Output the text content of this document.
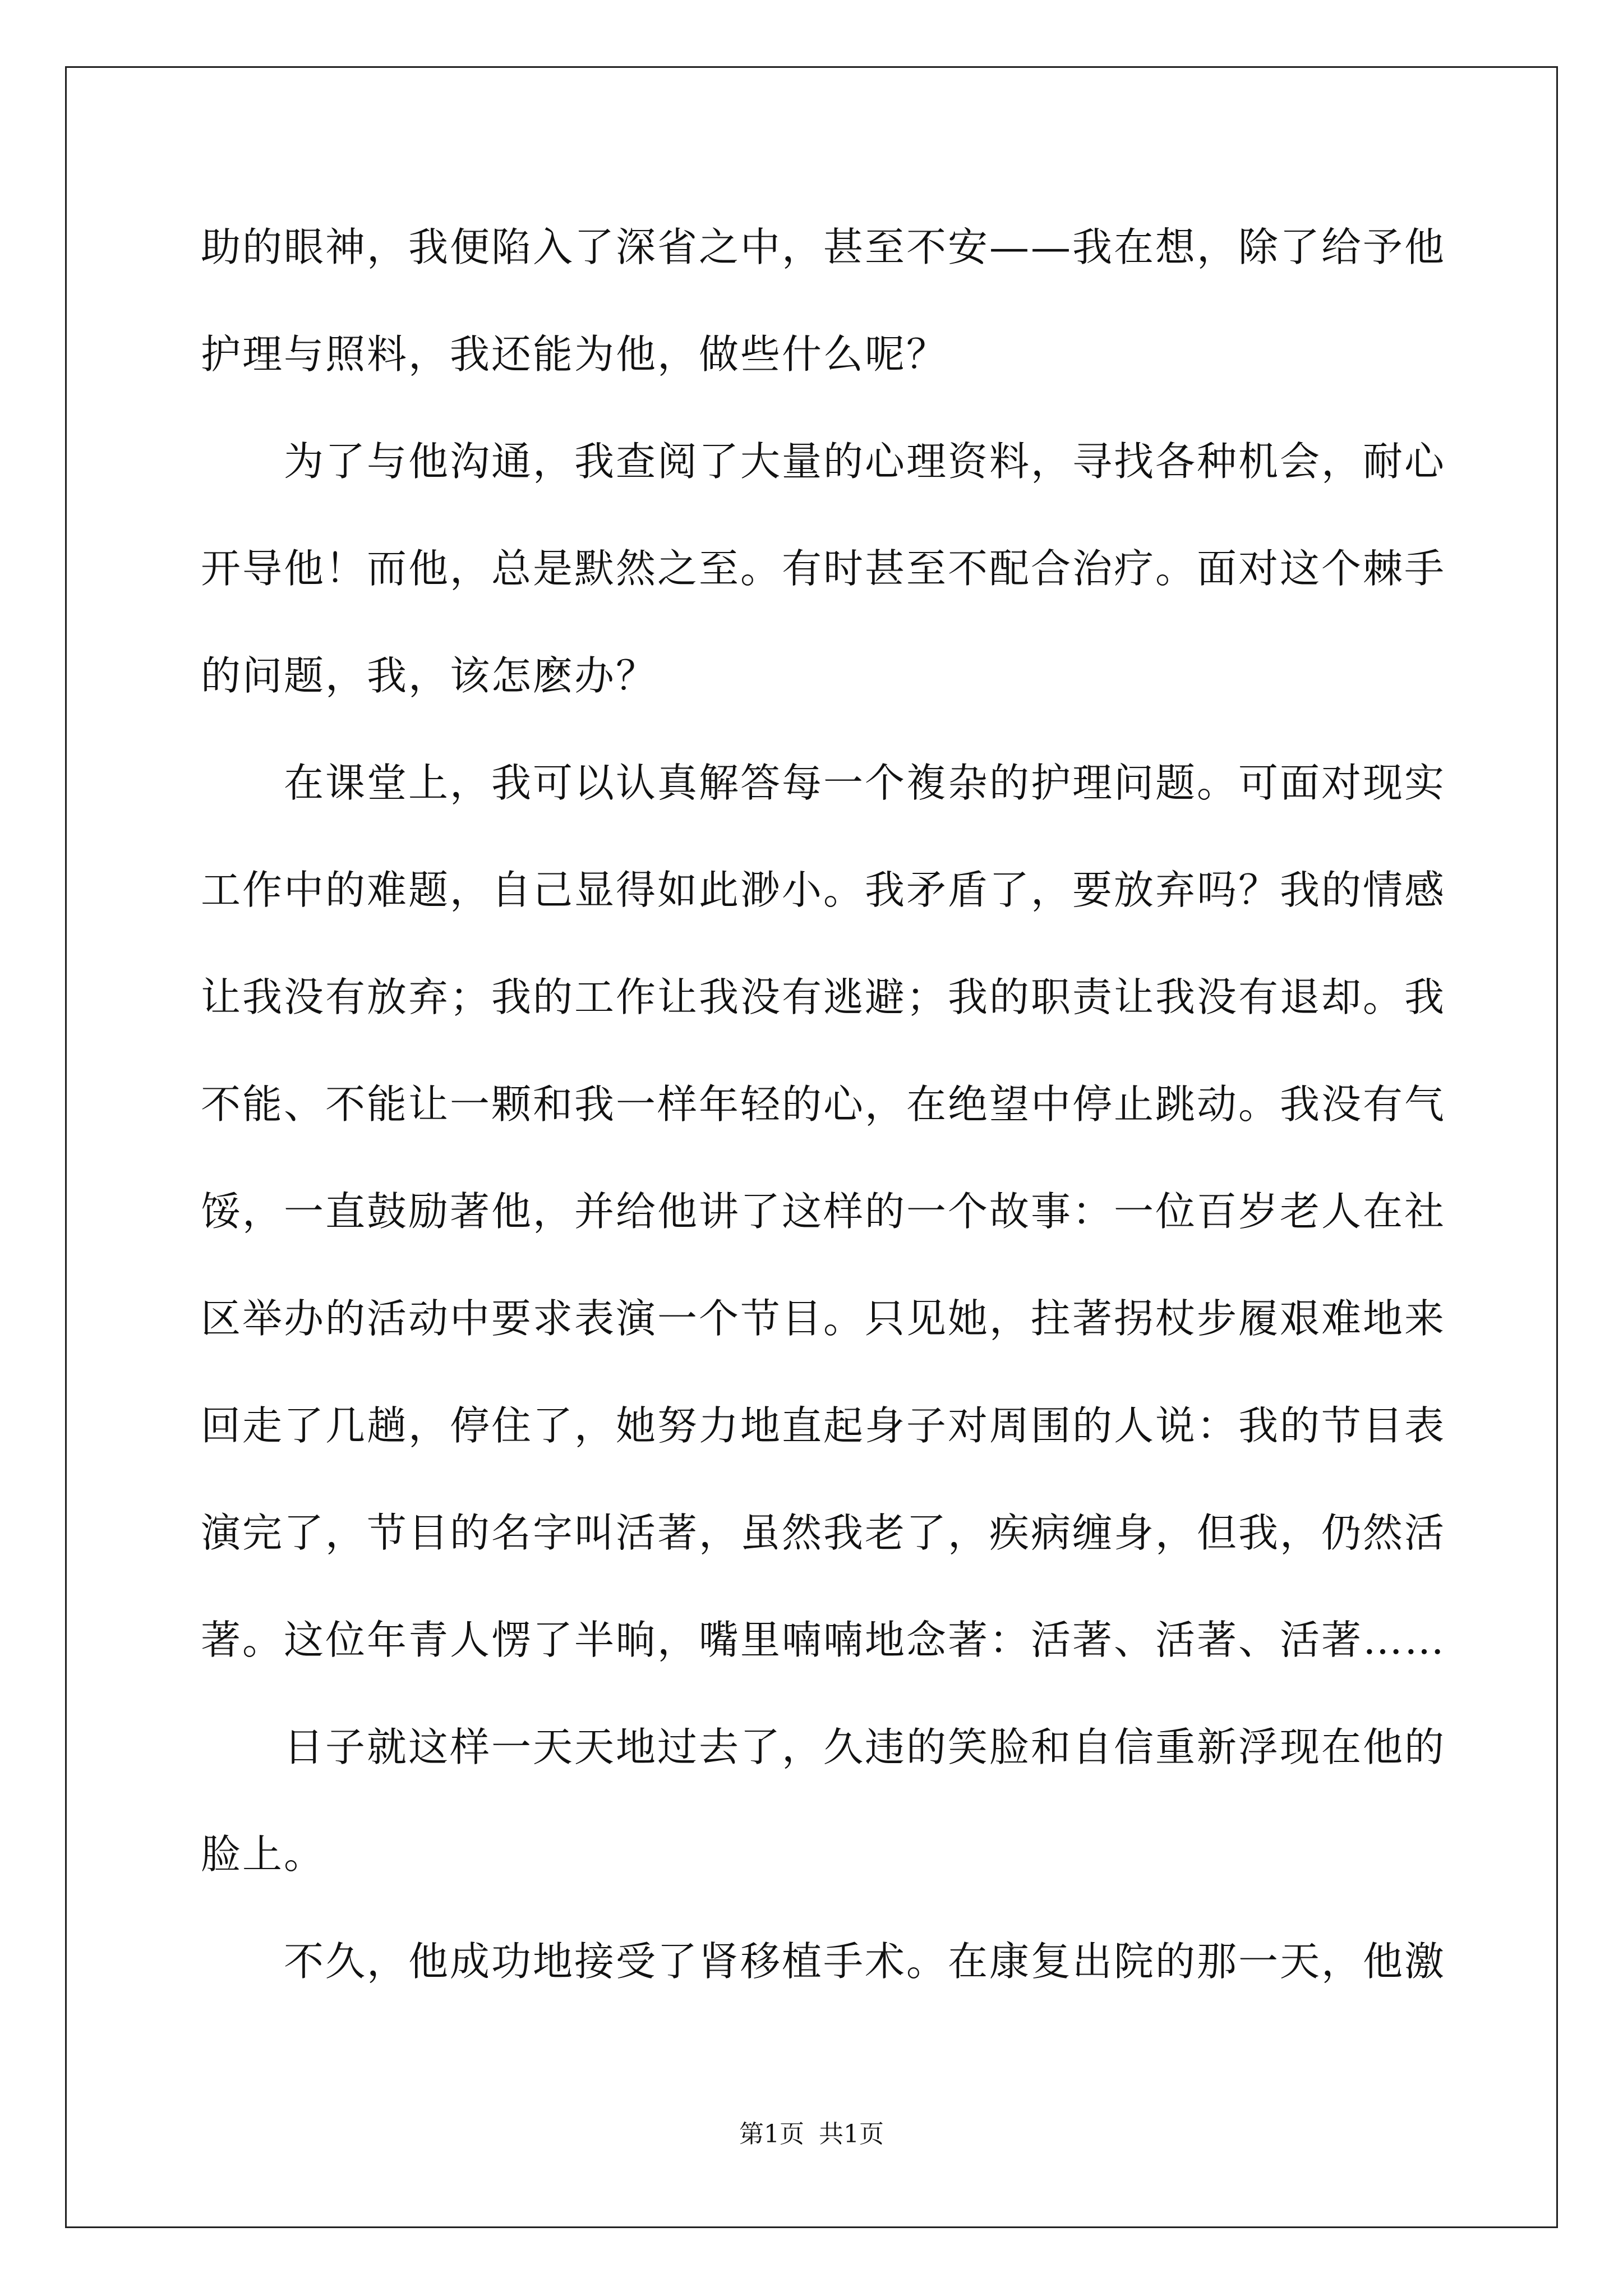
助的眼神，我便陷入了深省之中，甚至不安——我在想，除了给予他
护理与照料，我还能为他，做些什么呢？
　　为了与他沟通，我查阅了大量的心理资料，寻找各种机会，耐心
开导他！而他，总是默然之至。有时甚至不配合治疗。面对这个棘手
的问题，我，该怎麽办？
　　在课堂上，我可以认真解答每一个複杂的护理问题。可面对现实
工作中的难题，自己显得如此渺小。我矛盾了，要放弃吗？我的情感
让我没有放弃；我的工作让我没有逃避；我的职责让我没有退却。我
不能、不能让一颗和我一样年轻的心，在绝望中停止跳动。我没有气
馁，一直鼓励著他，并给他讲了这样的一个故事：一位百岁老人在社
区举办的活动中要求表演一个节目。只见她，拄著拐杖步履艰难地来
回走了几趟，停住了，她努力地直起身子对周围的人说：我的节目表
演完了，节目的名字叫活著，虽然我老了，疾病缠身，但我，仍然活
著。这位年青人愣了半晌，嘴里喃喃地念著：活著、活著、活著……
　　日子就这样一天天地过去了，久违的笑脸和自信重新浮现在他的
脸上。
　　不久，他成功地接受了肾移植手术。在康复出院的那一天，他激
第1页 共1页
